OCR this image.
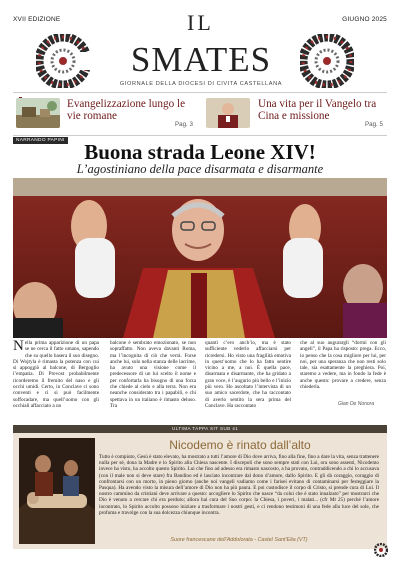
XVII EDIZIONE	GIUGNO 2025
IL
SMATES
GIORNALE DELLA DIOCESI DI CIVITA CASTELLANA
Evangelizzazione lungo le vie romane
Pag. 3
Una vita per il Vangelo tra Cina e missione
Pag. 5
NARRANDO PAPINI Buona strada Leone XIV!
L’agostiniano della pace disarmata e disarmante
Nella prima apparizione di un papa se ne cerca il fatto umano, sapendo che su quello basera il suo disegno. Di Wojtyla è rimasta la potenza con cui si appoggiò al balcone, di Bergoglio l’empatia. Di Prevost probabilmente ricorderemo il fremito del naso e gli occhi umidi. Certo, in Conclave ci sono conventi e ci si può facilmente soffocadare, ma quell’uomo con gli occhiali affacciato a un
balcone è sembrato emozionato, se non sopraffatto. Non aveva davanti Roma, ma l’incognita di ciò che verrà. Forse anche lui, solo nella stanza delle lacrime, ha avuto una visione come il predecessore di un lui scelto il nome e per confortarla ha bisogno di una forza che chiede al cielo e alla terra. Non era neanche considerato tra i papabili, e chi spettava in un italiano è rimasto deluso. Tra
quanti c’ero anch’io, ma è stato sufficiente vederlo affacciarsi per ricredersi. Ho visto una fragilità emotiva in quest’uomo che lo ha fatto sentire vicino a me, a noi. È quella pace, disarmata e disarmante, che ha gridato a gran voce, è l’augurio più bello e l’inizio più vero. Ho ascoltato l’intervista di un suo amico sacerdote, che ha raccontato di averlo sentito la sera prima del Conclave. Ha raccontato
che al suo augurargli “dormi con gli angeli”, il Papa ha risposto: prega. Ecco, io penso che la cosa migliore per lui, per noi, per una speranza che non resti solo tale, sia esattamente la preghiera. Poi, staremo a vedere, ma in fondo la fede è anche questo: provare a credere, senza chiederla.
Gian De Nonora
ULTIMA TAPPA SIT SUB 41
Nicodemo è rinato dall’alto
Tutto è compiuto, Gesù è stato elevato, ha mostrato a tutti l’amore di Dio dove arriva, fino alla fine, fino a dare la vita, senza trattenere nulla per sé, dona la Madre e lo Spirito alla Chiesa nascente. I discepoli che sono sempre stati con Lui, ora sono assenti, Nicodemo invece ha visto, ha accolto questo Spirito. Lui che fino ad adesso era rimasto nascosto, a ha provato, contraddicendo a chi lo accusava (con il male non si deve stare) fra Bandino ed è lasciato incontrare dal dono d’amore, dallo Spirito. E gli dà coraggio, coraggio di confrontarsi con un morto, in pieno giorno (anche noi vangeli vadiamo come i farisei evitano di contaminarsi per festeggiare la Pasqua). Ha avendo visto la misura dell’amore di Dio non ha più paura. E poi custodisce il corpo di Cristo, si prende cura di Lui. Il nostro cammino da cristiani deve arrivare a questo: accogliere lo Spirito che nasce “da colui che è stato innalzato” per mostrarci che Dio è venuto a cercare chi era perduto; allora hai cura del Suo corpo: la Chiesa, i poveri, i malati... (cfr Mt 25) perché l’amore incontrato, lo Spirito accolto possono iniziare a trasformare i nostri gesti, e ci rendono testimoni di una fede alla luce del sole, che profuma e travolge con la sua dolcezza chiunque incontra.
Suore francescane dell’Addolorata - Castel Sant’Elia (VT)
